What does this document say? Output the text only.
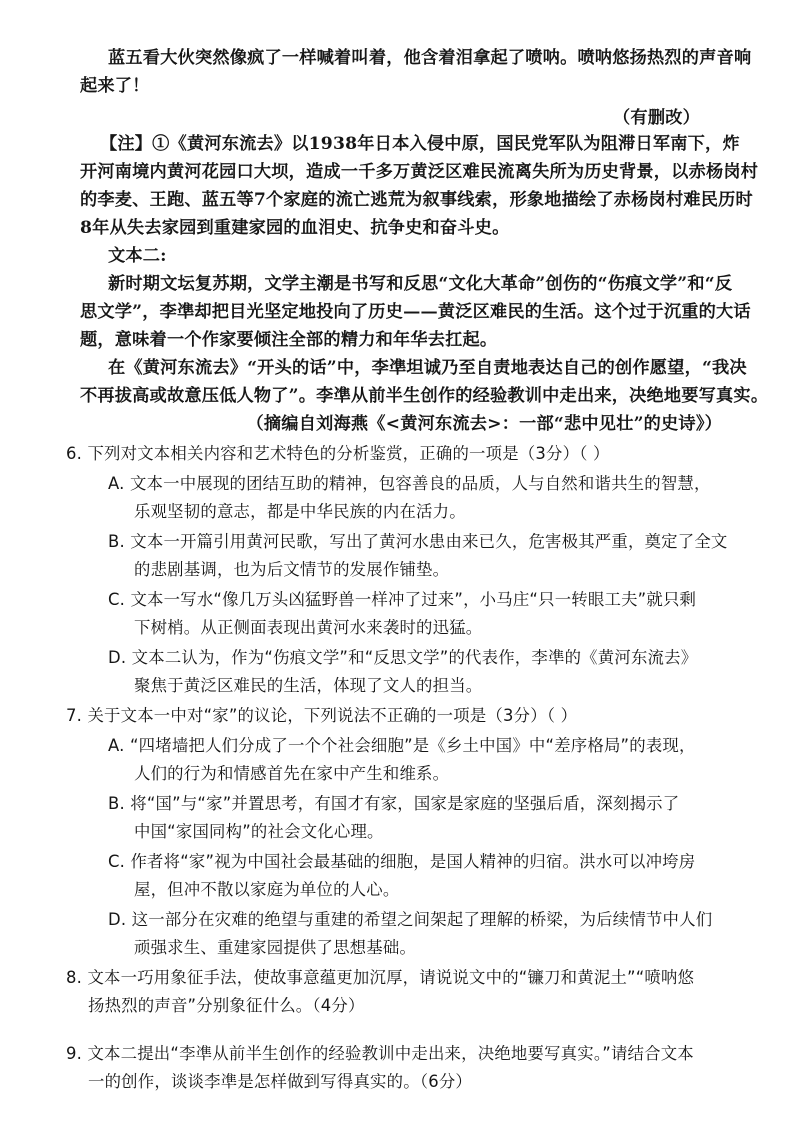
蓝五看大伙突然像疯了一样喊着叫着，他含着泪拿起了喷呐。喷呐悠扬热烈的声音响
起来了！
（有删改）
【注】①《黄河东流去》以1938年日本入侵中原，国民党军队为阻滞日军南下，炸
开河南境内黄河花园口大坝，造成一千多万黄泛区难民流离失所为历史背景，以赤杨岗村
的李麦、王跑、蓝五等7个家庭的流亡逃荒为叙事线索，形象地描绘了赤杨岗村难民历时
8年从失去家园到重建家园的血泪史、抗争史和奋斗史。
文本二:
新时期文坛复苏期，文学主潮是书写和反思“文化大革命”创伤的“伤痕文学”和“反
思文学”，李凖却把目光坚定地投向了历史——黄泛区难民的生活。这个过于沉重的大话
题，意味着一个作家要倾注全部的精力和年华去扛起。
在《黄河东流去》“开头的话”中，李凖坦诚乃至自责地表达自己的创作愿望，“我决
不再拔高或故意压低人物了”。李凖从前半生创作的经验教训中走出来，决绝地要写真实。
（摘编自刘海燕《<黄河东流去>：一部“悲中见壮”的史诗》）
6. 下列对文本相关内容和艺术特色的分析鉴赏，正确的一项是（3分）（ ）
A. 文本一中展现的团结互助的精神，包容善良的品质，人与自然和谐共生的智慧，
乐观坚韧的意志，都是中华民族的内在活力。
B. 文本一开篇引用黄河民歌，写出了黄河水患由来已久，危害极其严重，奠定了全文
的悲剧基调，也为后文情节的发展作铺垫。
C. 文本一写水“像几万头凶猛野兽一样冲了过来”，小马庄“只一转眼工夫”就只剩
下树梢。从正侧面表现出黄河水来袭时的迅猛。
D. 文本二认为，作为“伤痕文学”和“反思文学”的代表作，李凖的《黄河东流去》
聚焦于黄泛区难民的生活，体现了文人的担当。
7. 关于文本一中对“家”的议论，下列说法不正确的一项是（3分）（ ）
A. “四堵墙把人们分成了一个个社会细胞”是《乡土中国》中“差序格局”的表现，
人们的行为和情感首先在家中产生和维系。
B. 将“国”与“家”并置思考，有国才有家，国家是家庭的坚强后盾，深刻揭示了
中国“家国同构”的社会文化心理。
C. 作者将“家”视为中国社会最基础的细胞，是国人精神的归宿。洪水可以冲垮房
屋，但冲不散以家庭为单位的人心。
D. 这一部分在灾难的绝望与重建的希望之间架起了理解的桥梁，为后续情节中人们
顽强求生、重建家园提供了思想基础。
8. 文本一巧用象征手法，使故事意蕴更加沉厚，请说说文中的“镰刀和黄泥土”“喷呐悠
扬热烈的声音”分别象征什么。（4分）
9. 文本二提出“李凖从前半生创作的经验教训中走出来，决绝地要写真实。”请结合文本
一的创作，谈谈李凖是怎样做到写得真实的。（6分）
